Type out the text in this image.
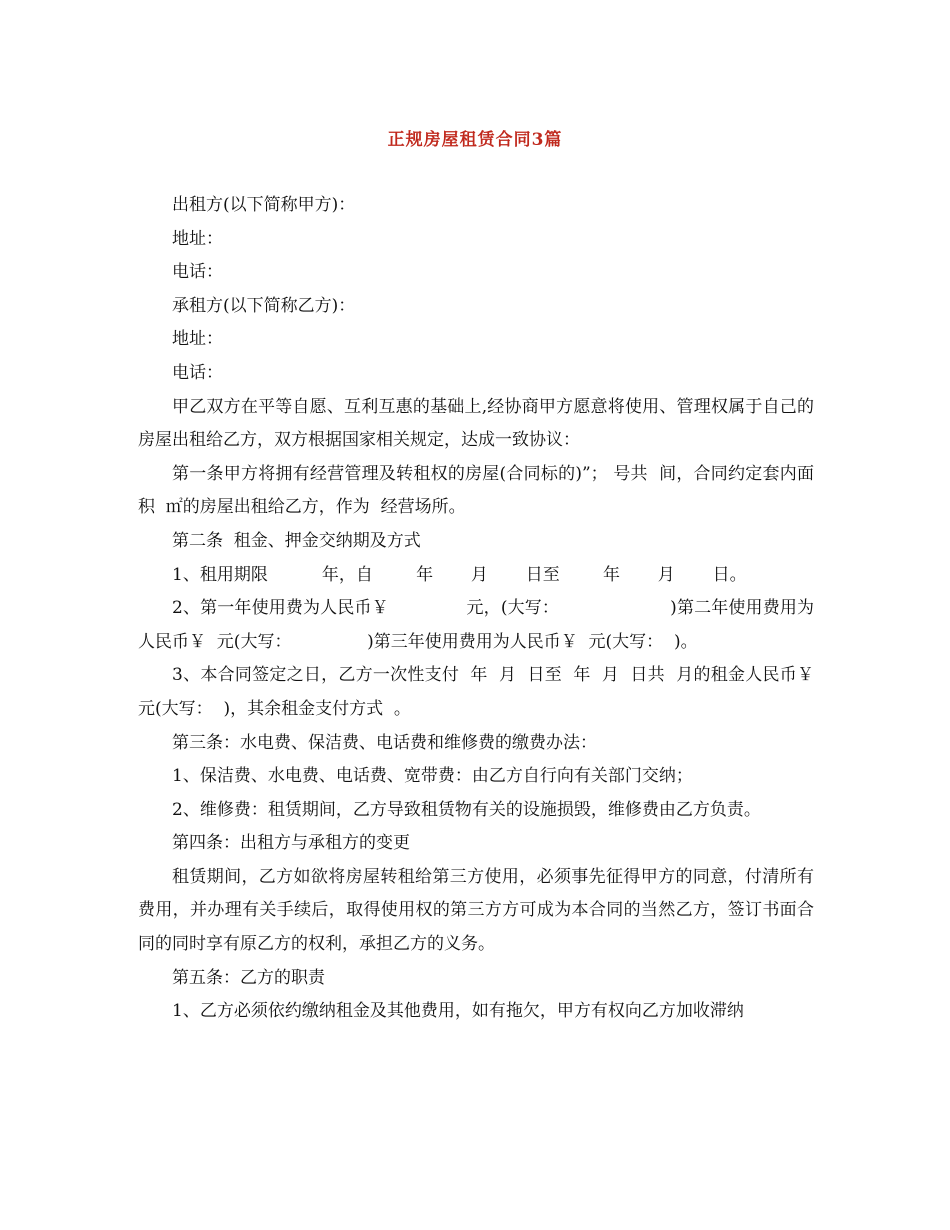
正规房屋租赁合同3篇

出租方(以下简称甲方)：

地址：

电话：

承租方(以下简称乙方)：

地址：

电话：

甲乙双方在平等自愿、互利互惠的基础上,经协商甲方愿意将使用、管理权属于自己的房屋出租给乙方，双方根据国家相关规定，达成一致协议：

第一条甲方将拥有经营管理及转租权的房屋(合同标的)”； 号共  间，合同约定套内面积  ㎡的房屋出租给乙方，作为  经营场所。

第二条  租金、押金交纳期及方式

1、租用期限          年，自        年       月       日至        年       月       日。

2、第一年使用费为人民币￥              元，(大写：                    )第二年使用费用为人民币￥  元(大写：              )第三年使用费用为人民币￥  元(大写：  )。

3、本合同签定之日，乙方一次性支付  年  月  日至  年  月  日共  月的租金人民币￥  元(大写：  )，其余租金支付方式  。

第三条：水电费、保洁费、电话费和维修费的缴费办法：

1、保洁费、水电费、电话费、宽带费：由乙方自行向有关部门交纳；

2、维修费：租赁期间，乙方导致租赁物有关的设施损毁，维修费由乙方负责。

第四条：出租方与承租方的变更

租赁期间，乙方如欲将房屋转租给第三方使用，必须事先征得甲方的同意，付清所有费用，并办理有关手续后，取得使用权的第三方方可成为本合同的当然乙方，签订书面合同的同时享有原乙方的权利，承担乙方的义务。

第五条：乙方的职责

1、乙方必须依约缴纳租金及其他费用，如有拖欠，甲方有权向乙方加收滞纳
